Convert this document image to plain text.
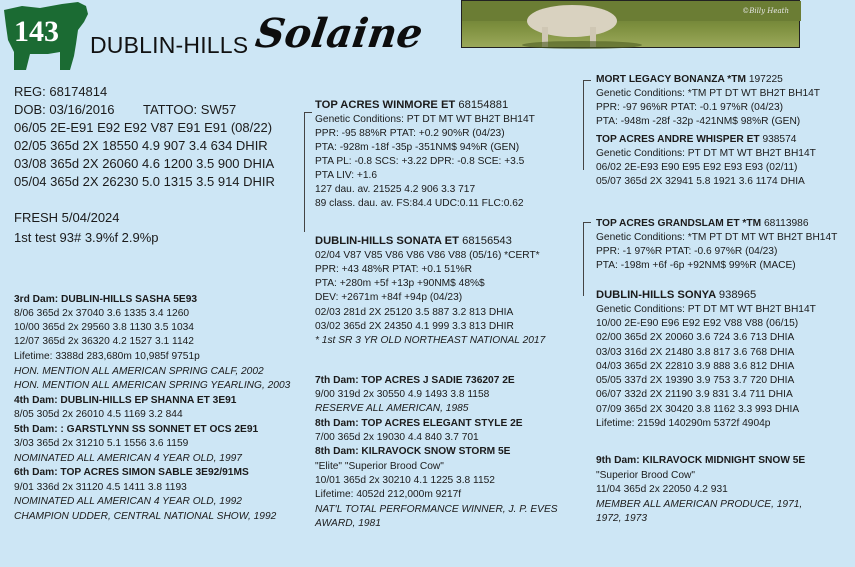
143 DUBLIN-HILLS Solaine	©Billy Heath
REG: 68174814
DOB: 03/16/2016 TATTOO: SW57
06/05 2E-E91 E92 E92 V87 E91 E91 (08/22)
02/05 365d 2X 18550 4.9 907 3.4 634 DHIR
03/08 365d 2X 26060 4.6 1200 3.5 900 DHIA
05/04 365d 2X 26230 5.0 1315 3.5 914 DHIR
FRESH 5/04/2024
1st test 93# 3.9%f 2.9%p
3rd Dam: DUBLIN-HILLS SASHA 5E93
8/06 365d 2x 37040 3.6 1335 3.4 1260
10/00 365d 2x 29560 3.8 1130 3.5 1034
12/07 365d 2x 36320 4.2 1527 3.1 1142
Lifetime: 3388d 283,680m 10,985f 9751p
HON. MENTION ALL AMERICAN SPRING CALF, 2002
HON. MENTION ALL AMERICAN SPRING YEARLING, 2003
4th Dam: DUBLIN-HILLS EP SHANNA ET 3E91
8/05 305d 2x 26010 4.5 1169 3.2 844
5th Dam: : GARSTLYNN SS SONNET ET OCS 2E91
3/03 365d 2x 31210 5.1 1556 3.6 1159
NOMINATED ALL AMERICAN 4 YEAR OLD, 1997
6th Dam: TOP ACRES SIMON SABLE 3E92/91MS
9/01 336d 2x 31120 4.5 1411 3.8 1193
NOMINATED ALL AMERICAN 4 YEAR OLD, 1992
CHAMPION UDDER, CENTRAL NATIONAL SHOW, 1992
TOP ACRES WINMORE ET 68154881
Genetic Conditions: PT DT MT WT BH2T BH14T
PPR: -95 88%R PTAT: +0.2 90%R (04/23)
PTA: -928m -18f -35p -351NM$ 94%R (GEN)
PTA PL: -0.8 SCS: +3.22 DPR: -0.8 SCE: +3.5
PTA LIV: +1.6
127 dau. av. 21525 4.2 906 3.3 717
89 class. dau. av. FS:84.4 UDC:0.11 FLC:0.62
DUBLIN-HILLS SONATA ET 68156543
02/04 V87 V85 V86 V86 V86 V88 (05/16) *CERT*
PPR: +43 48%R PTAT: +0.1 51%R
PTA: +280m +5f +13p +90NM$ 48%$
DEV: +2671m +84f +94p (04/23)
02/03 281d 2X 25120 3.5 887 3.2 813 DHIA
03/02 365d 2X 24350 4.1 999 3.3 813 DHIR
* 1st SR 3 YR OLD NORTHEAST NATIONAL 2017
7th Dam: TOP ACRES J SADIE 736207 2E
9/00 319d 2x 30550 4.9 1493 3.8 1158
RESERVE ALL AMERICAN, 1985
8th Dam: TOP ACRES ELEGANT STYLE 2E
7/00 365d 2x 19030 4.4 840 3.7 701
8th Dam: KILRAVOCK SNOW STORM 5E
"Elite" "Superior Brood Cow"
10/01 365d 2x 30210 4.1 1225 3.8 1152
Lifetime: 4052d 212,000m 9217f
NAT'L TOTAL PERFORMANCE WINNER, J. P. EVES
AWARD, 1981
MORT LEGACY BONANZA *TM 197225
Genetic Conditions: *TM PT DT WT BH2T BH14T
PPR: -97 96%R PTAT: -0.1 97%R (04/23)
PTA: -948m -28f -32p -421NM$ 98%R (GEN)
TOP ACRES ANDRE WHISPER ET 938574
Genetic Conditions: PT DT MT WT BH2T BH14T
06/02 2E-E93 E90 E95 E92 E93 E93 (02/11)
05/07 365d 2X 32941 5.8 1921 3.6 1174 DHIA
TOP ACRES GRANDSLAM ET *TM 68113986
Genetic Conditions: *TM PT DT MT WT BH2T BH14T
PPR: -1 97%R PTAT: -0.6 97%R (04/23)
PTA: -198m +6f -6p +92NM$ 99%R (MACE)
DUBLIN-HILLS SONYA 938965
Genetic Conditions: PT DT MT WT BH2T BH14T
10/00 2E-E90 E96 E92 E92 V88 V88 (06/15)
02/00 365d 2X 20060 3.6 724 3.6 713 DHIA
03/03 316d 2X 21480 3.8 817 3.6 768 DHIA
04/03 365d 2X 22810 3.9 888 3.6 812 DHIA
05/05 337d 2X 19390 3.9 753 3.7 720 DHIA
06/07 332d 2X 21190 3.9 831 3.4 711 DHIA
07/09 365d 2X 30420 3.8 1162 3.3 993 DHIA
Lifetime: 2159d 140290m 5372f 4904p
9th Dam: KILRAVOCK MIDNIGHT SNOW 5E
"Superior Brood Cow"
11/04 365d 2x 22050 4.2 931
MEMBER ALL AMERICAN PRODUCE, 1971,
1972, 1973
